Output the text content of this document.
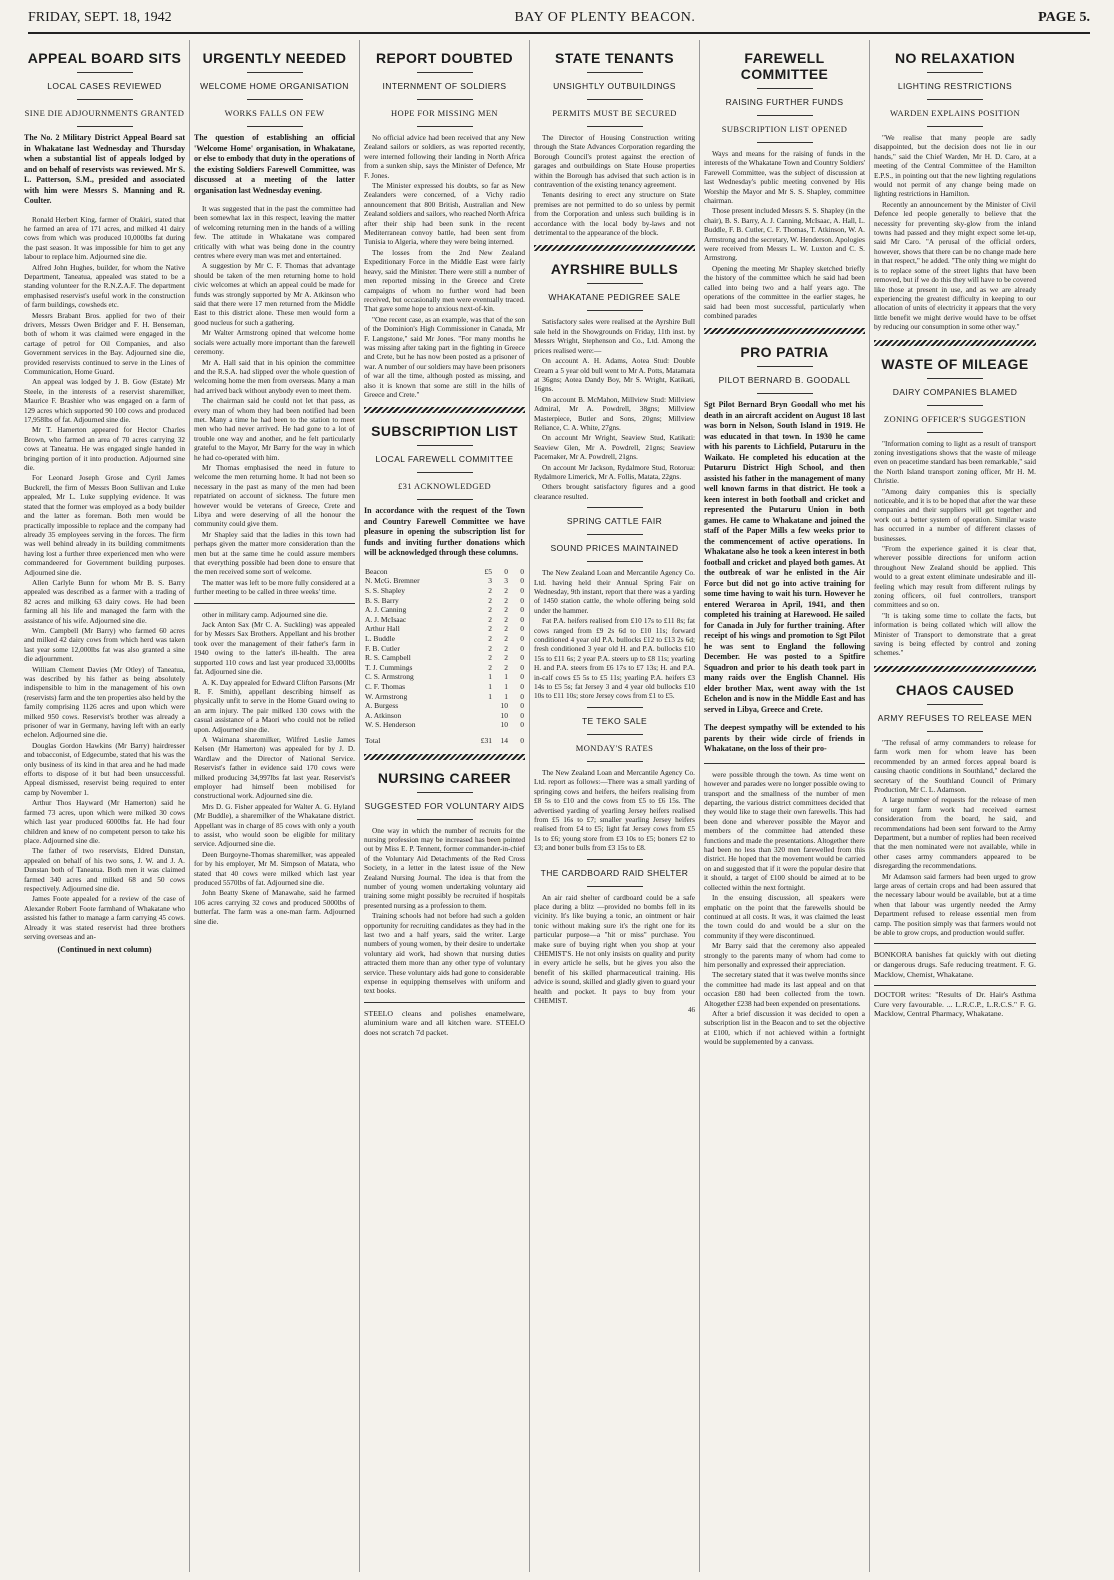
FRIDAY, SEPT. 18, 1942	BAY OF PLENTY BEACON.	PAGE 5.
APPEAL BOARD SITS
LOCAL CASES REVIEWED
SINE DIE ADJOURNMENTS GRANTED
The No. 2 Military District Appeal Board sat in Whakatane last Wednesday and Thursday when a substantial list of appeals lodged by and on behalf of reservists was reviewed. Mr S. L. Patterson, S.M., presided and associated with him were Messrs S. Manning and R. Coulter.

Ronald Herbert King, farmer of Otakiri, stated that he farmed an area of 171 acres, and milked 41 dairy cows from which was produced 10,000lbs fat during the past season. It was impossible for him to get any labour to replace him. Adjourned sine die.

Alfred John Hughes, builder, for whom the Native Department, Taneatua, appealed was stated to be a standing volunteer for the R.N.Z.A.F. The department emphasised reservist's useful work in the construction of farm buildings, cowsheds etc.

Messrs Brabant Bros. applied for two of their drivers, Messrs Owen Bridger and F. H. Benseman, both of whom it was claimed were engaged in the cartage of petrol for Oil Companies, and also Government services in the Bay. Adjourned sine die, provided reservists continued to serve in the Lines of Communication, Home Guard.

An appeal was lodged by J. B. Gow (Estate) Mr Steele, in the interests of a reservist sharemilker, Maurice F. Brashier who was engaged on a farm of 129 acres which supported 90 100 cows and produced 17,958lbs of fat. Adjourned sine die.

Mr T. Hamerton appeared for Hector Charles Brown, who farmed an area of 70 acres carrying 32 cows at Taneatua. He was engaged single handed in bringing portion of it into production. Adjourned sine die.

For Leonard Joseph Grose and Cyril James Buckrell, the firm of Messrs Boon Sullivan and Luke appealed, Mr L. Luke supplying evidence. It was stated that the former was employed as a body builder and the latter as foreman. Both men would be practically impossible to replace and the company had already 35 employees serving in the forces. The firm was well behind already in its building commitments having lost a further three experienced men who were commandeered for Government building purposes. Adjourned sine die.

Allen Carlyle Bunn for whom Mr B. S. Barry appealed was described as a farmer with a trading of 82 acres and milking 63 dairy cows. He had been farming all his life and managed the farm with the assistance of his wife. Adjourned sine die.

Wm. Campbell (Mr Barry) who farmed 60 acres and milked 42 dairy cows from which herd was taken last year some 12,000lbs fat was also granted a sine die adjournment.

William Clement Davies (Mr Otley) of Taneatua, was described by his father as being absolutely indispensible to him in the management of his own (reservists) farm and the ten properties also held by the family comprising 1126 acres and upon which were milked 950 cows. Reservist's brother was already a prisoner of war in Germany, having left with an early echelon. Adjourned sine die.

Douglas Gordon Hawkins (Mr Barry) hairdresser and tobacconist, of Edgecumbe, stated that his was the only business of its kind in that area and he had made efforts to dispose of it but had been unsuccessful. Appeal dismissed, reservist being required to enter camp by November 1.

Arthur Thos Hayward (Mr Hamerton) said he farmed 73 acres, upon which were milked 30 cows which last year produced 6000lbs fat. He had four children and knew of no competent person to take his place. Adjourned sine die.

The father of two reservists, Eldred Dunstan, appealed on behalf of his two sons, J. W. and J. A. Dunstan both of Taneatua. Both men it was claimed farmed 340 acres and milked 68 and 50 cows respectively. Adjourned sine die.

James Foote appealed for a review of the case of Alexander Robert Foote farmhand of Whakatane who assisted his father to manage a farm carrying 45 cows. Already it was stated reservist had three brothers serving overseas and an-

(Continued in next column)
URGENTLY NEEDED
WELCOME HOME ORGANISATION
WORKS FALLS ON FEW
The question of establishing an official 'Welcome Home' organisation, in Whakatane, or else to embody that duty in the operations of the existing Soldiers Farewell Committee, was discussed at a meeting of the latter organisation last Wednesday evening.

It was suggested that in the past the committee had been somewhat lax in this respect, leaving the matter of welcoming returning men in the hands of a willing few. The attitude in Whakatane was compared critically with what was being done in the country centres where every man was met and entertained.

A suggestion by Mr C. F. Thomas that advantage should be taken of the men returning home to hold civic welcomes at which an appeal could be made for funds was strongly supported by Mr A. Atkinson who said that there were 17 men returned from the Middle East to this district alone. These men would form a good nucleus for such a gathering.

Mr Walter Armstrong opined that welcome home socials were actually more important than the farewell ceremony.

Mr A. Hall said that in his opinion the committee and the R.S.A. had slipped over the whole question of welcoming home the men from overseas. Many a man had arrived back without anybody even to meet them.

The chairman said he could not let that pass, as every man of whom they had been notified had been met. Many a time he had been to the station to meet men who had never arrived. He had gone to a lot of trouble one way and another, and he felt particularly grateful to the Mayor, Mr Barry for the way in which he had co-operated with him.

Mr Thomas emphasised the need in future to welcome the men returning home. It had not been so necessary in the past as many of the men had been repatriated on account of sickness. The future men however would be veterans of Greece, Crete and Libya and were deserving of all the honour the community could give them.

Mr Shapley said that the ladies in this town had perhaps given the matter more consideration than the men but at the same time he could assure members that everything possible had been done to ensure that the men received some sort of welcome.

The matter was left to be more fully considered at a further meeting to be called in three weeks' time.

other in military camp. Adjourned sine die.

Jack Anton Sax (Mr C. A. Suckling) was appealed for by Messrs Sax Brothers. Appellant and his brother took over the management of their father's farm in 1940 owing to the latter's ill-health. The area supported 110 cows and last year produced 33,000lbs fat. Adjourned sine die.

A. K. Day appealed for Edward Clifton Parsons (Mr R. F. Smith), appellant describing himself as physically unfit to serve in the Home Guard owing to an arm injury. The pair milked 130 cows with the casual assistance of a Maori who could not be relied upon. Adjourned sine die.

A Waimana sharemilker, Wilfred Leslie James Kelsen (Mr Hamerton) was appealed for by J. D. Wardlaw and the Director of National Service. Reservist's father in evidence said 170 cows were milked producing 34,997lbs fat last year. Reservist's employer had himself been mobilised for constructional work. Adjourned sine die.

Mrs D. G. Fisher appealed for Walter A. G. Hyland (Mr Buddle), a sharemilker of the Whakatane district. Appellant was in charge of 85 cows with only a youth to assist, who would soon be eligible for military service. Adjourned sine die.

Deen Burgoyne-Thomas sharemilker, was appealed for by his employer, Mr M. Simpson of Matata, who stated that 40 cows were milked which last year produced 5570lbs of fat. Adjourned sine die.

John Beatty Skene of Manawahe, said he farmed 106 acres carrying 32 cows and produced 5000lbs of butterfat. The farm was a one-man farm. Adjourned sine die.

REPORT DOUBTED
INTERNMENT OF SOLDIERS
HOPE FOR MISSING MEN

No official advice had been received that any New Zealand sailors or soldiers, as was reported recently, were interned following their landing in North Africa from a sunken ship, says the Minister of Defence, Mr F. Jones.

The Minister expressed his doubts, so far as New Zealanders were concerned, of a Vichy radio announcement that 800 British, Australian and New Zealand soldiers and sailors, who reached North Africa after their ship had been sunk in the recent Mediterranean convoy battle, had been sent from Tunisia to Algeria, where they were being interned.

The losses from the 2nd New Zealand Expeditionary Force in the Middle East were fairly heavy, said the Minister. There were still a number of men reported missing in the Greece and Crete campaigns of whom no further word had been received, but occasionally men were eventually traced. That gave some hope to anxious next-of-kin.

"One recent case, as an example, was that of the son of the Dominion's High Commissioner in Canada, Mr F. Langstone," said Mr Jones. "For many months he was missing after taking part in the fighting in Greece and Crete, but he has now been posted as a prisoner of war. A number of our soldiers may have been prisoners of war all the time, although posted as missing, and also it is known that some are still in the hills of Greece and Crete."

SUBSCRIPTION LIST
LOCAL FAREWELL COMMITTEE
£31 ACKNOWLEDGED
In accordance with the request of the Town and Country Farewell Committee we have pleasure in opening the subscription list for funds and inviting further donations which will be acknowledged through these columns.
Beacon	£5	0	0
N. McG. Bremner	3	3	0
S. S. Shapley	2	2	0
B. S. Barry	2	2	0
A. J. Canning	2	2	0
A. J. McIsaac	2	2	0
Arthur Hall	2	2	0
L. Buddle	2	2	0
F. B. Cutler	2	2	0
R. S. Campbell	2	2	0
T. J. Cummings	2	2	0
C. S. Armstrong	1	1	0
C. F. Thomas	1	1	0
W. Armstrong	1	1	0
A. Burgess		10	0
A. Atkinson		10	0
W. S. Henderson		10	0
Total	£31	14	0
NURSING CAREER
SUGGESTED FOR VOLUNTARY AIDS

One way in which the number of recruits for the nursing profession may be increased has been pointed out by Miss E. P. Tennent, former commander-in-chief of the Voluntary Aid Detachments of the Red Cross Society, in a letter in the latest issue of the New Zealand Nursing Journal. The idea is that from the number of young women undertaking voluntary aid training some might possibly be recruited if hospitals presented nursing as a profession to them.

Training schools had not before had such a golden opportunity for recruiting candidates as they had in the last two and a half years, said the writer. Large numbers of young women, by their desire to undertake voluntary aid work, had shown that nursing duties attracted them more than any other type of voluntary service. These voluntary aids had gone to considerable expense in equipping themselves with uniform and text books.

STEELO cleans and polishes enamelware, aluminium ware and all kitchen ware. STEELO does not scratch 7d packet.
STATE TENANTS
UNSIGHTLY OUTBUILDINGS
PERMITS MUST BE SECURED

The Director of Housing Construction writing through the State Advances Corporation regarding the Borough Council's protest against the erection of garages and outbuildings on State House properties within the Borough has advised that such action is in contravention of the existing tenancy agreement.

Tenants desiring to erect any structure on State premises are not permitted to do so unless by permit from the Corporation and unless such building is in accordance with the local body by-laws and not detrimental to the appearance of the block.

AYRSHIRE BULLS
WHAKATANE PEDIGREE SALE

Satisfactory sales were realised at the Ayrshire Bull sale held in the Showgrounds on Friday, 11th inst. by Messrs Wright, Stephenson and Co., Ltd. Among the prices realised were:—

On account A. H. Adams, Aotea Stud: Double Cream a 5 year old bull went to Mr A. Potts, Matamata at 36gns; Aotea Dandy Boy, Mr S. Wright, Katikati, 16gns.

On account B. McMahon, Millview Stud: Millview Admiral, Mr A. Powdrell, 38gns; Millview Masterpiece, Butler and Sons, 20gns; Millview Reliance, C. A. White, 27gns.

On account Mr Wright, Seaview Stud, Katikati: Seaview Glen, Mr A. Powdrell, 21gns; Seaview Pacemaker, Mr A. Powdrell, 21gns.

On account Mr Jackson, Rydalmore Stud, Rotorua: Rydalmore Limerick, Mr A. Follis, Matata, 22gns.

Others brought satisfactory figures and a good clearance resulted.

SPRING CATTLE FAIR
SOUND PRICES MAINTAINED

The New Zealand Loan and Mercantile Agency Co. Ltd. having held their Annual Spring Fair on Wednesday, 9th instant, report that there was a yarding of 1450 station cattle, the whole offering being sold under the hammer.

Fat P.A. heifers realised from £10 17s to £11 8s; fat cows ranged from £9 2s 6d to £10 11s; forward conditioned 4 year old P.A. bullocks £12 to £13 2s 6d; fresh conditioned 3 year old H. and P.A. bullocks £10 15s to £11 6s; 2 year P.A. steers up to £8 11s; yearling H. and P.A. steers from £6 17s to £7 13s; H. and P.A. in-calf cows £5 5s to £5 11s; yearling P.A. heifers £3 14s to £5 5s; fat Jersey 3 and 4 year old bullocks £10 10s to £11 10s; store Jersey cows from £1 to £5.

TE TEKO SALE
MONDAY'S RATES

The New Zealand Loan and Mercantile Agency Co. Ltd. report as follows:—There was a small yarding of springing cows and heifers, the heifers realising from £8 5s to £10 and the cows from £5 to £6 15s. The advertised yarding of yearling Jersey heifers realised from £5 16s to £7; smaller yearling Jersey heifers realised from £4 to £5; light fat Jersey cows from £5 1s to £6; young store from £3 10s to £5; boners £2 to £3; and boner bulls from £3 15s to £8.

THE CARDBOARD RAID SHELTER

An air raid shelter of cardboard could be a safe place during a blitz —provided no bombs fell in its vicinity. It's like buying a tonic, an ointment or hair tonic without making sure it's the right one for its particular purpose—a "hit or miss" purchase. You make sure of buying right when you shop at your CHEMIST'S. He not only insists on quality and purity in every article he sells, but he gives you also the benefit of his skilled pharmaceutical training. His advice is sound, skilled and gladly given to guard your health and pocket. It pays to buy from your CHEMIST.

46
FAREWELL COMMITTEE
RAISING FURTHER FUNDS
SUBSCRIPTION LIST OPENED

Ways and means for the raising of funds in the interests of the Whakatane Town and Country Soldiers' Farewell Committee, was the subject of discussion at last Wednesday's public meeting convened by His Worship the Mayor and Mr S. S. Shapley, committee chairman.

Those present included Messrs S. S. Shapley (in the chair), B. S. Barry, A. J. Canning, McIsaac, A. Hall, L. Buddle, F. B. Cutler, C. F. Thomas, T. Atkinson, W. A. Armstrong and the secretary, W. Henderson. Apologies were received from Messrs L. W. Luxton and C. S. Armstrong.

Opening the meeting Mr Shapley sketched briefly the history of the committee which he said had been called into being two and a half years ago. The operations of the committee in the earlier stages, he said had been most successful, particularly when combined parades

PRO PATRIA
PILOT BERNARD B. GOODALL
Sgt Pilot Bernard Bryn Goodall who met his death in an aircraft accident on August 18 last was born in Nelson, South Island in 1919. He was educated in that town. In 1930 he came with his parents to Lichfield, Putaruru in the Waikato. He completed his education at the Putaruru District High School, and then assisted his father in the management of many well known farms in that district. He took a keen interest in both football and cricket and represented the Putaruru Union in both games. He came to Whakatane and joined the staff of the Paper Mills a few weeks prior to the commencement of active operations. In Whakatane also he took a keen interest in both football and cricket and played both games. At the outbreak of war he enlisted in the Air Force but did not go into active training for some time having to wait his turn. However he entered Weraroa in April, 1941, and then completed his training at Harewood. He sailed for Canada in July for further training. After receipt of his wings and promotion to Sgt Pilot he was sent to England the following December. He was posted to a Spitfire Squadron and prior to his death took part in many raids over the English Channel. His elder brother Max, went away with the 1st Echelon and is now in the Middle East and has served in Libya, Greece and Crete.
The deepest sympathy will be extended to his parents by their wide circle of friends in Whakatane, on the loss of their pro-

were possible through the town. As time went on however and parades were no longer possible owing to transport and the smallness of the number of men departing, the various district committees decided that they would like to stage their own farewells. This had been done and wherever possible the Mayor and members of the committee had attended these functions and made the presentations. Altogether there had been no less than 320 men farewelled from this district. He hoped that the movement would be carried on and suggested that if it were the popular desire that it should, a target of £100 should be aimed at to be collected within the next fortnight.

In the ensuing discussion, all speakers were emphatic on the point that the farewells should be continued at all costs. It was, it was claimed the least the town could do and would be a slur on the community if they were discontinued.

Mr Barry said that the ceremony also appealed strongly to the parents many of whom had come to him personally and expressed their appreciation.

The secretary stated that it was twelve months since the committee had made its last appeal and on that occasion £80 had been collected from the town. Altogether £238 had been expended on presentations.

After a brief discussion it was decided to open a subscription list in the Beacon and to set the objective at £100, which if not achieved within a fortnight would be supplemented by a canvass.

NO RELAXATION
LIGHTING RESTRICTIONS
WARDEN EXPLAINS POSITION

"We realise that many people are sadly disappointed, but the decision does not lie in our hands," said the Chief Warden, Mr H. D. Caro, at a meeting of the Central Committee of the Hamilton E.P.S., in pointing out that the new lighting regulations would not permit of any change being made on lighting restrictions in Hamilton.

Recently an announcement by the Minister of Civil Defence led people generally to believe that the necessity for preventing sky-glow from the inland towns had passed and they might expect some let-up, said Mr Caro. "A perusal of the official orders, however, shows that there can be no change made here in that respect," he added. "The only thing we might do is to replace some of the street lights that have been removed, but if we do this they will have to be covered like those at present in use, and as we are already experiencing the greatest difficulty in keeping to our allocation of units of electricity it appears that the very little benefit we might derive would have to be offset by reducing our consumption in some other way."

WASTE OF MILEAGE
DAIRY COMPANIES BLAMED
ZONING OFFICER'S SUGGESTION

"Information coming to light as a result of transport zoning investigations shows that the waste of mileage even on peacetime standard has been remarkable," said the North Island transport zoning officer, Mr H. M. Christie.

"Among dairy companies this is specially noticeable, and it is to be hoped that after the war these companies and their suppliers will get together and work out a better system of operation. Similar waste has occurred in a number of different classes of businesses.

"From the experience gained it is clear that, wherever possible directions for uniform action throughout New Zealand should be applied. This would to a great extent eliminate undesirable and ill-feeling which may result from different rulings by zoning officers, oil fuel controllers, transport committees and so on.

"It is taking some time to collate the facts, but information is being collated which will allow the Minister of Transport to demonstrate that a great saving is being effected by control and zoning schemes."

CHAOS CAUSED
ARMY REFUSES TO RELEASE MEN

"The refusal of army commanders to release for farm work men for whom leave has been recommended by an armed forces appeal board is causing chaotic conditions in Southland," declared the secretary of the Southland Council of Primary Production, Mr C. L. Adamson.

A large number of requests for the release of men for urgent farm work had received earnest consideration from the board, he said, and recommendations had been sent forward to the Army Department, but a number of replies had been received that the men nominated were not available, while in other cases army commanders appeared to be disregarding the recommendations.

Mr Adamson said farmers had been urged to grow large areas of certain crops and had been assured that the necessary labour would be available, but at a time when that labour was urgently needed the Army Department refused to release essential men from camp. The position simply was that farmers would not be able to grow crops, and production would suffer.

BONKORA banishes fat quickly with out dieting or dangerous drugs. Safe reducing treatment. F. G. Macklow, Chemist, Whakatane.
DOCTOR writes: "Results of Dr. Hair's Asthma Cure very favourable. ... L.R.C.P., L.R.C.S." F. G. Macklow, Central Pharmacy, Whakatane.
